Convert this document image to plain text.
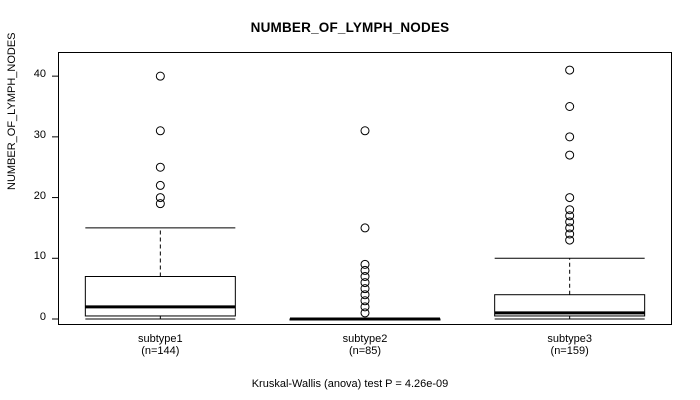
NUMBER_OF_LYMPH_NODES
NUMBER_OF_LYMPH_NODES
0
10
20
30
40
subtype1
(n=144)
subtype2
(n=85)
subtype3
(n=159)
Kruskal-Wallis (anova) test P = 4.26e-09
